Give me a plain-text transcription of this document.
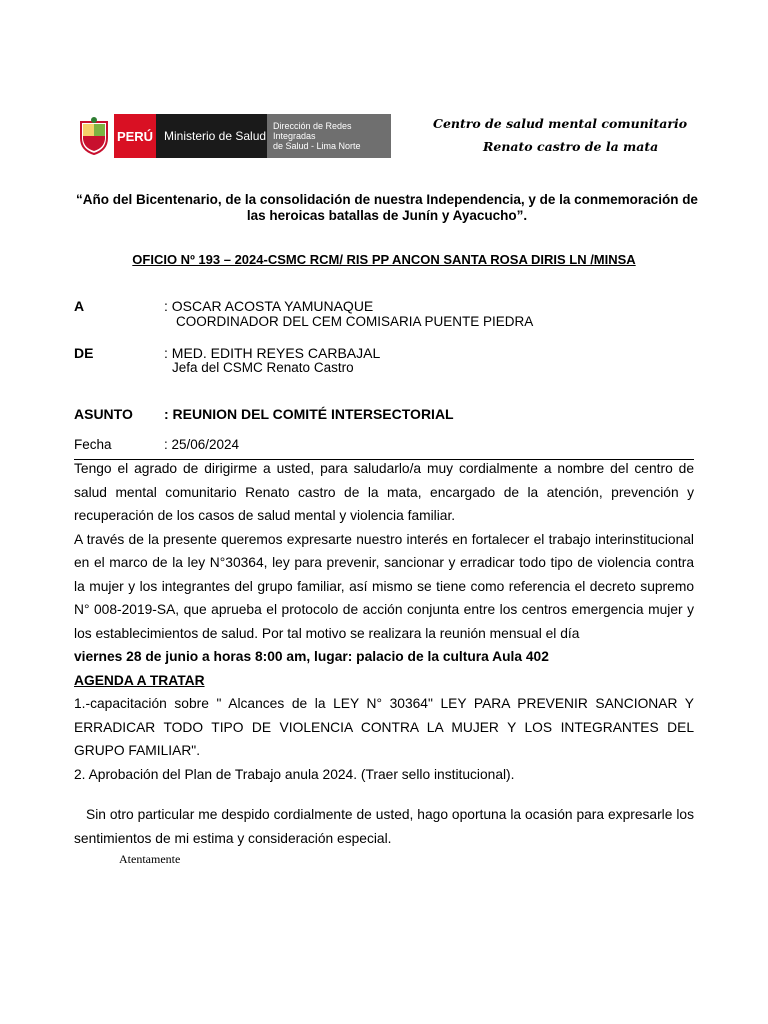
PERÚ Ministerio de Salud
Dirección de Redes Integradas
de Salud - Lima Norte
Centro de salud mental comunitario
Renato castro de la mata
“Año del Bicentenario, de la consolidación de nuestra Independencia, y de la conmemoración de las heroicas batallas de Junín y Ayacucho”.
OFICIO Nº 193 – 2024-CSMC RCM/ RIS PP ANCON SANTA ROSA DIRIS LN /MINSA
A	: OSCAR ACOSTA YAMUNAQUE
COORDINADOR DEL CEM COMISARIA PUENTE PIEDRA
DE	: MED. EDITH REYES CARBAJAL
Jefa del CSMC Renato Castro
ASUNTO : REUNION DEL COMITÉ INTERSECTORIAL
Fecha	: 25/06/2024

Tengo el agrado de dirigirme a usted, para saludarlo/a muy cordialmente a nombre del centro de salud mental comunitario Renato castro de la mata, encargado de la atención, prevención y recuperación de los casos de salud mental y violencia familiar.

A través de la presente queremos expresarte nuestro interés en fortalecer el trabajo interinstitucional en el marco de la ley N°30364, ley para prevenir, sancionar y erradicar todo tipo de violencia contra la mujer y los integrantes del grupo familiar, así mismo se tiene como referencia el decreto supremo N° 008-2019-SA, que aprueba el protocolo de acción conjunta entre los centros emergencia mujer y los establecimientos de salud. Por tal motivo se realizara la reunión mensual el día

viernes 28 de junio a horas 8:00 am, lugar: palacio de la cultura Aula 402

AGENDA A TRATAR

1.-capacitación sobre " Alcances de la LEY N° 30364" LEY PARA PREVENIR SANCIONAR Y ERRADICAR TODO TIPO DE VIOLENCIA CONTRA LA MUJER Y LOS INTEGRANTES DEL GRUPO FAMILIAR".

2. Aprobación del Plan de Trabajo anula 2024. (Traer sello institucional).

Sin otro particular me despido cordialmente de usted, hago oportuna la ocasión para expresarle los sentimientos de mi estima y consideración especial.
Atentamente
